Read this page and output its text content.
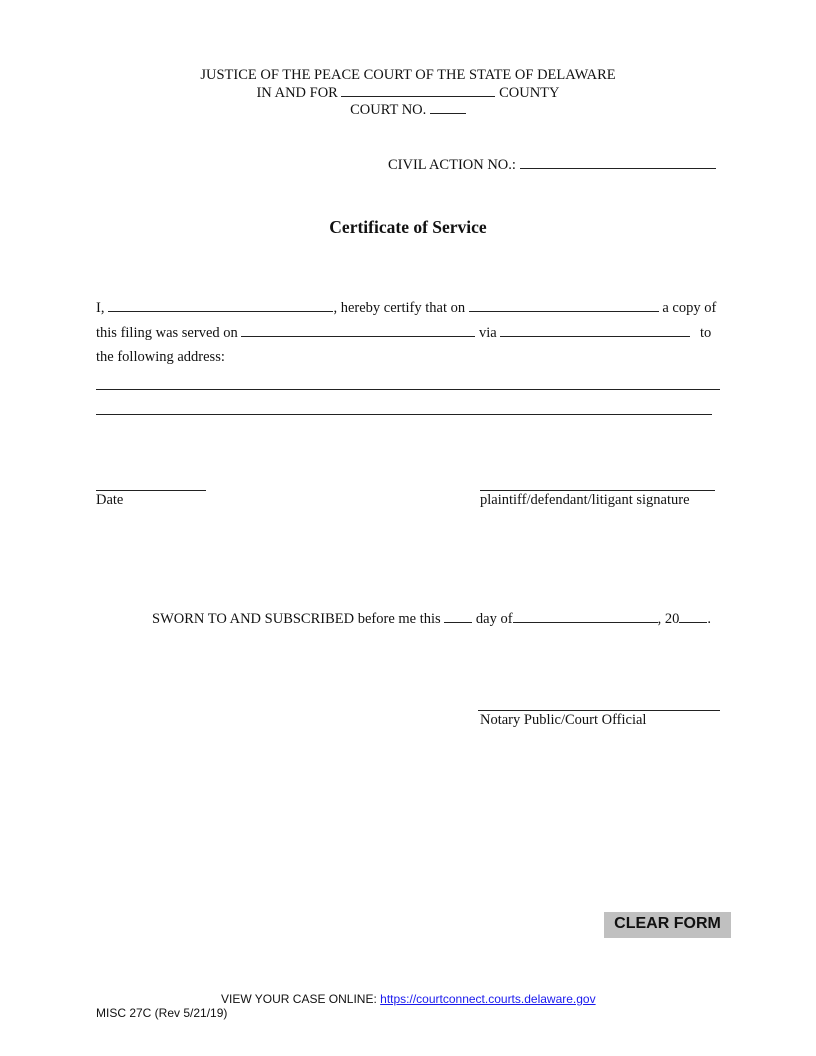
JUSTICE OF THE PEACE COURT OF THE STATE OF DELAWARE
IN AND FOR	COUNTY
COURT NO.
CIVIL ACTION NO.:
Certificate of Service
I,	, hereby certify that on	a copy of
this filing was served on	via	to
the following address:
Date	plaintiff/defendant/litigant signature
SWORN TO AND SUBSCRIBED before me this day of	, 20 .
Notary Public/Court Official
CLEAR FORM
VIEW YOUR CASE ONLINE: https://courtconnect.courts.delaware.gov
MISC 27C (Rev 5/21/19)
